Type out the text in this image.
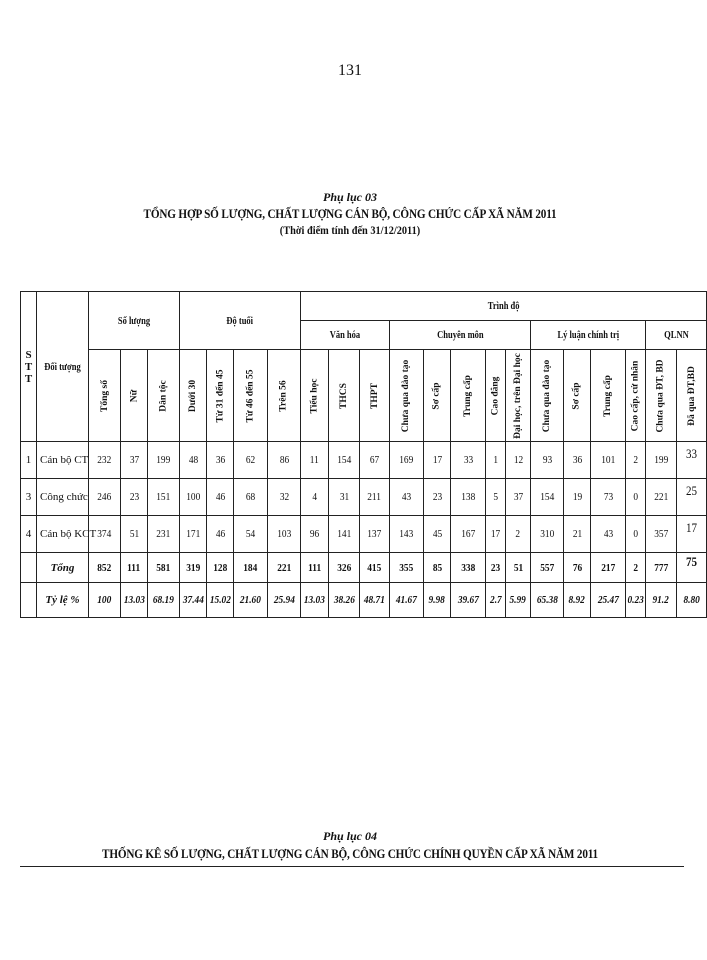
131
Phụ lục 03
TỔNG HỢP SỐ LƯỢNG, CHẤT LƯỢNG CÁN BỘ, CÔNG CHỨC CẤP XÃ NĂM 2011
(Thời điểm tính đến 31/12/2011)
S T T	Đối tượng	Số lượng			Độ tuổi				Trình độ													
									Văn hóa			Chuyên môn					Lý luận chính trị				QLNN	

		Tổng số	Nữ	Dân tộc	Dưới 30	Từ 31 đến 45	Từ 46 đến 55	Trên 56	Tiểu học	THCS	THPT	Chưa qua đào tạo	Sơ cấp	Trung cấp	Cao đẳng	Đại học, trên Đại học	Chưa qua đào tạo	Sơ cấp	Trung cấp	Cao cấp, cử nhân	Chưa qua ĐT, BD	Đã qua ĐT,BD

1	Cán bộ CT	232	37	199	48	36	62	86	11	154	67	169	17	33	1	12	93	36	101	2	199	33
3	Công chức	246	23	151	100	46	68	32	4	31	211	43	23	138	5	37	154	19	73	0	221	25
4	Cán bộ KCT	374	51	231	171	46	54	103	96	141	137	143	45	167	17	2	310	21	43	0	357	17
	Tổng	852	111	581	319	128	184	221	111	326	415	355	85	338	23	51	557	76	217	2	777	75
	Tỷ lệ %	100	13.03	68.19	37.44	15.02	21.60	25.94	13.03	38.26	48.71	41.67	9.98	39.67	2.7	5.99	65.38	8.92	25.47	0.23	91.2	8.80
Phụ lục 04
THỐNG KÊ SỐ LƯỢNG, CHẤT LƯỢNG CÁN BỘ, CÔNG CHỨC CHÍNH QUYỀN CẤP XÃ NĂM 2011
